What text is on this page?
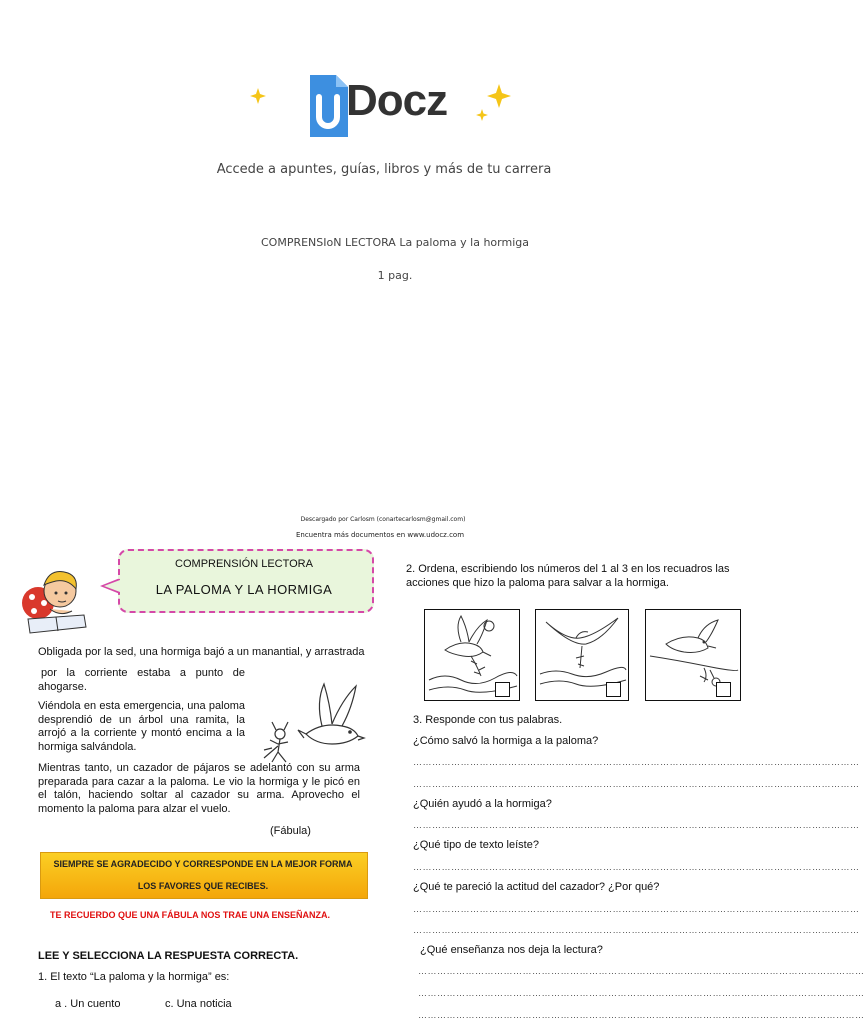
Docz
Accede a apuntes, guías, libros y más de tu carrera
COMPRENSIoN LECTORA La paloma y la hormiga
1 pag.
Descargado por Carlosm (conartecarlosm@gmail.com)
Encuentra más documentos en www.udocz.com
COMPRENSIÓN LECTORA
LA PALOMA Y LA HORMIGA
Obligada por la sed, una hormiga bajó a un manantial, y arrastrada
por la corriente estaba a punto de ahogarse.
Viéndola en esta emergencia, una paloma desprendió de un árbol una ramita, la arrojó a la corriente y montó encima a la hormiga salvándola.
Mientras tanto, un cazador de pájaros se adelantó con su arma preparada para cazar a la paloma. Le vio la hormiga y le picó en el talón, haciendo soltar al cazador su arma. Aprovecho el momento la paloma para alzar el vuelo.
(Fábula)
SIEMPRE SE AGRADECIDO Y CORRESPONDE EN LA MEJOR FORMA
LOS FAVORES QUE RECIBES.
TE RECUERDO QUE UNA FÁBULA NOS TRAE UNA ENSEÑANZA.
LEE Y SELECCIONA LA RESPUESTA CORRECTA.
1. El texto “La paloma y la hormiga” es:
a . Un cuento	c. Una noticia
2. Ordena, escribiendo los números del 1 al 3 en los recuadros las acciones que hizo la paloma para salvar a la hormiga.
3. Responde con tus palabras.
¿Cómo salvó la hormiga a la paloma?
……………………………………………………………………………………………………………………………
……………………………………………………………………………………………………………………………
¿Quién ayudó a la hormiga?
……………………………………………………………………………………………………………………………
¿Qué tipo de texto leíste?
……………………………………………………………………………………………………………………………
¿Qué te pareció la actitud del cazador? ¿Por qué?
……………………………………………………………………………………………………………………………
……………………………………………………………………………………………………………………………
¿Qué enseñanza nos deja la lectura?
……………………………………………………………………………………………………………………………
……………………………………………………………………………………………………………………………
……………………………………………………………………………………………………………………………
